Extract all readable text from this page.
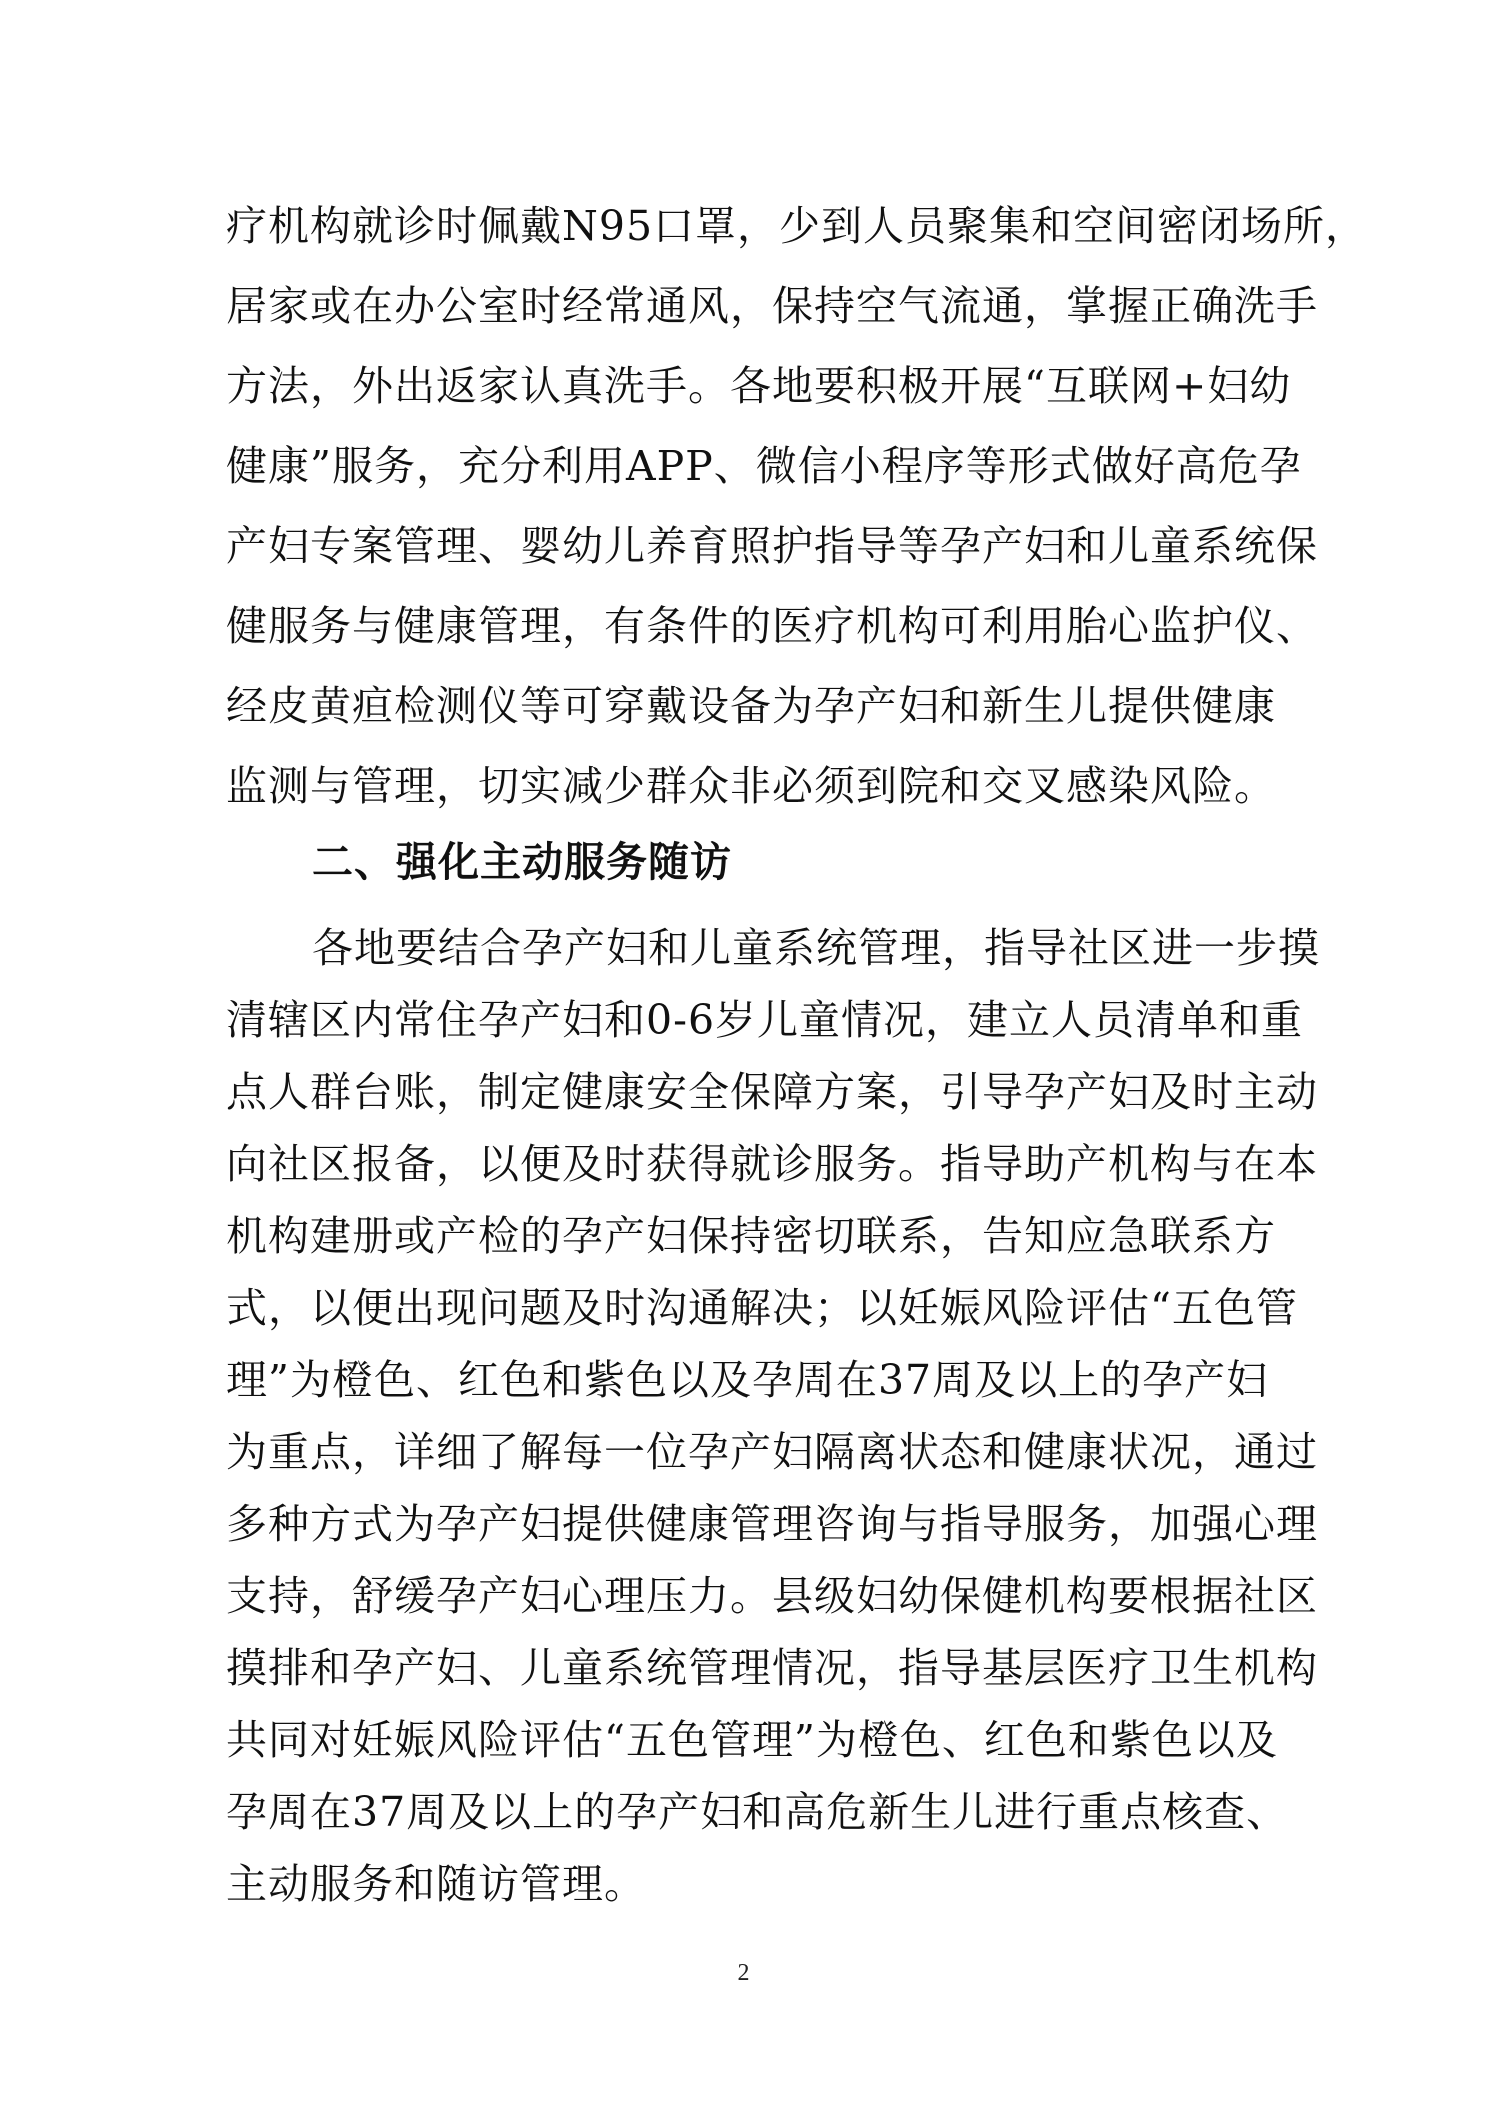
疗机构就诊时佩戴N95口罩，少到人员聚集和空间密闭场所，
居家或在办公室时经常通风，保持空气流通，掌握正确洗手
方法，外出返家认真洗手。各地要积极开展“互联网+妇幼
健康”服务，充分利用APP、微信小程序等形式做好高危孕
产妇专案管理、婴幼儿养育照护指导等孕产妇和儿童系统保
健服务与健康管理，有条件的医疗机构可利用胎心监护仪、
经皮黄疸检测仪等可穿戴设备为孕产妇和新生儿提供健康
监测与管理，切实减少群众非必须到院和交叉感染风险。
二、强化主动服务随访
各地要结合孕产妇和儿童系统管理，指导社区进一步摸
清辖区内常住孕产妇和0-6岁儿童情况，建立人员清单和重
点人群台账，制定健康安全保障方案，引导孕产妇及时主动
向社区报备，以便及时获得就诊服务。指导助产机构与在本
机构建册或产检的孕产妇保持密切联系，告知应急联系方
式，以便出现问题及时沟通解决；以妊娠风险评估“五色管
理”为橙色、红色和紫色以及孕周在37周及以上的孕产妇
为重点，详细了解每一位孕产妇隔离状态和健康状况，通过
多种方式为孕产妇提供健康管理咨询与指导服务，加强心理
支持，舒缓孕产妇心理压力。县级妇幼保健机构要根据社区
摸排和孕产妇、儿童系统管理情况，指导基层医疗卫生机构
共同对妊娠风险评估“五色管理”为橙色、红色和紫色以及
孕周在37周及以上的孕产妇和高危新生儿进行重点核查、
2
主动服务和随访管理。
